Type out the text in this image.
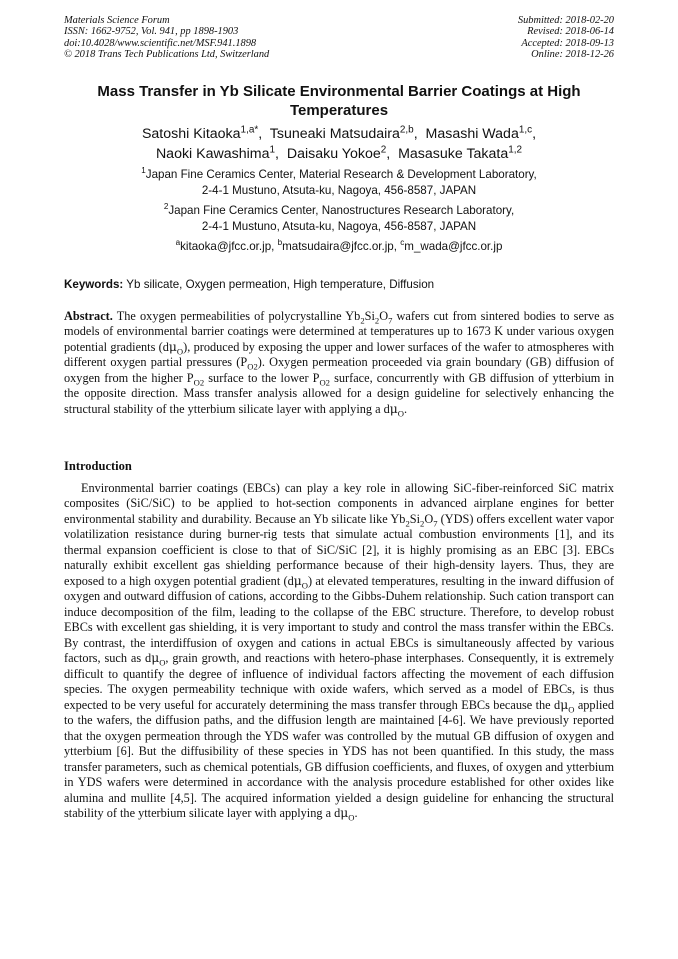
Materials Science Forum
ISSN: 1662-9752, Vol. 941, pp 1898-1903
doi:10.4028/www.scientific.net/MSF.941.1898
© 2018 Trans Tech Publications Ltd, Switzerland
Submitted: 2018-02-20
Revised: 2018-06-14
Accepted: 2018-09-13
Online: 2018-12-26
Mass Transfer in Yb Silicate Environmental Barrier Coatings at High Temperatures
Satoshi Kitaoka$^{1,a*}$,  Tsuneaki Matsudaira$^{2,b}$,  Masashi Wada$^{1,c}$,
Naoki Kawashima$^1$,  Daisaku Yokoe$^2$,  Masasuke Takata$^{1,2}$
$^1$Japan Fine Ceramics Center, Material Research & Development Laboratory,
2-4-1 Mustuno, Atsuta-ku, Nagoya, 456-8587, JAPAN
$^2$Japan Fine Ceramics Center, Nanostructures Research Laboratory,
2-4-1 Mustuno, Atsuta-ku, Nagoya, 456-8587, JAPAN
$^a$kitaoka@jfcc.or.jp, $^b$matsudaira@jfcc.or.jp, $^c$m_wada@jfcc.or.jp
Keywords: Yb silicate, Oxygen permeation, High temperature, Diffusion
Abstract. The oxygen permeabilities of polycrystalline $Yb_2Si_2O_7$ wafers cut from sintered bodies to serve as models of environmental barrier coatings were determined at temperatures up to 1673 K under various oxygen potential gradients $(d\mu_O)$, produced by exposing the upper and lower surfaces of the wafer to atmospheres with different oxygen partial pressures $(P_{O2})$. Oxygen permeation proceeded via grain boundary (GB) diffusion of oxygen from the higher $P_{O2}$ surface to the lower $P_{O2}$ surface, concurrently with GB diffusion of ytterbium in the opposite direction. Mass transfer analysis allowed for a design guideline for selectively enhancing the structural stability of the ytterbium silicate layer with applying a $d\mu_O$.
Introduction
Environmental barrier coatings (EBCs) can play a key role in allowing SiC-fiber-reinforced SiC matrix composites (SiC/SiC) to be applied to hot-section components in advanced airplane engines for better environmental stability and durability. Because an Yb silicate like $Yb_2Si_2O_7$ (YDS) offers excellent water vapor volatilization resistance during burner-rig tests that simulate actual combustion environments [1], and its thermal expansion coefficient is close to that of SiC/SiC [2], it is highly promising as an EBC [3]. EBCs naturally exhibit excellent gas shielding performance because of their high-density layers. Thus, they are exposed to a high oxygen potential gradient $(d\mu_O)$ at elevated temperatures, resulting in the inward diffusion of oxygen and outward diffusion of cations, according to the Gibbs-Duhem relationship. Such cation transport can induce decomposition of the film, leading to the collapse of the EBC structure. Therefore, to develop robust EBCs with excellent gas shielding, it is very important to study and control the mass transfer within the EBCs. By contrast, the interdiffusion of oxygen and cations in actual EBCs is simultaneously affected by various factors, such as $d\mu_O$, grain growth, and reactions with hetero-phase interphases. Consequently, it is extremely difficult to quantify the degree of influence of individual factors affecting the movement of each diffusion species. The oxygen permeability technique with oxide wafers, which served as a model of EBCs, is thus expected to be very useful for accurately determining the mass transfer through EBCs because the $d\mu_O$ applied to the wafers, the diffusion paths, and the diffusion length are maintained [4-6]. We have previously reported that the oxygen permeation through the YDS wafer was controlled by the mutual GB diffusion of oxygen and ytterbium [6]. But the diffusibility of these species in YDS has not been quantified. In this study, the mass transfer parameters, such as chemical potentials, GB diffusion coefficients, and fluxes, of oxygen and ytterbium in YDS wafers were determined in accordance with the analysis procedure established for other oxides like alumina and mullite [4,5]. The acquired information yielded a design guideline for enhancing the structural stability of the ytterbium silicate layer with applying a $d\mu_O$.
